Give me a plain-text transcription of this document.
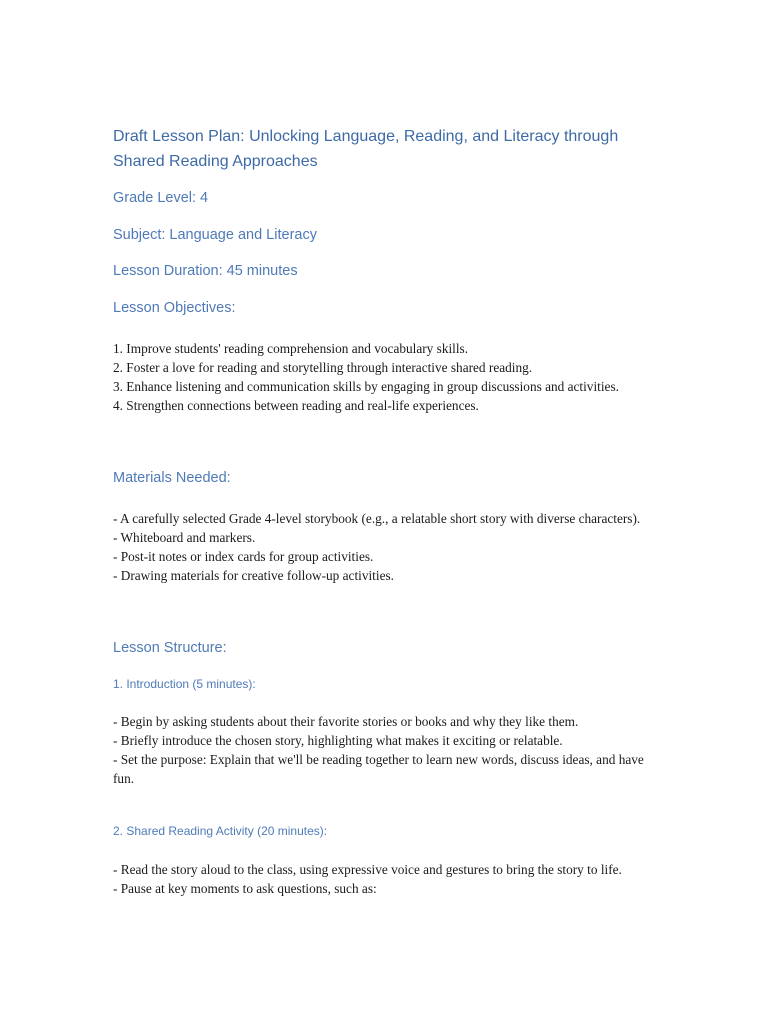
Draft Lesson Plan: Unlocking Language, Reading, and Literacy through Shared Reading Approaches
Grade Level: 4
Subject: Language and Literacy
Lesson Duration: 45 minutes
Lesson Objectives:

1. Improve students' reading comprehension and vocabulary skills.

2. Foster a love for reading and storytelling through interactive shared reading.

3. Enhance listening and communication skills by engaging in group discussions and activities.

4. Strengthen connections between reading and real-life experiences.

Materials Needed:

- A carefully selected Grade 4-level storybook (e.g., a relatable short story with diverse characters).

- Whiteboard and markers.

- Post-it notes or index cards for group activities.

- Drawing materials for creative follow-up activities.

Lesson Structure:
1. Introduction (5 minutes):

- Begin by asking students about their favorite stories or books and why they like them.

- Briefly introduce the chosen story, highlighting what makes it exciting or relatable.

- Set the purpose: Explain that we'll be reading together to learn new words, discuss ideas, and have fun.

2. Shared Reading Activity (20 minutes):

- Read the story aloud to the class, using expressive voice and gestures to bring the story to life.

- Pause at key moments to ask questions, such as:
